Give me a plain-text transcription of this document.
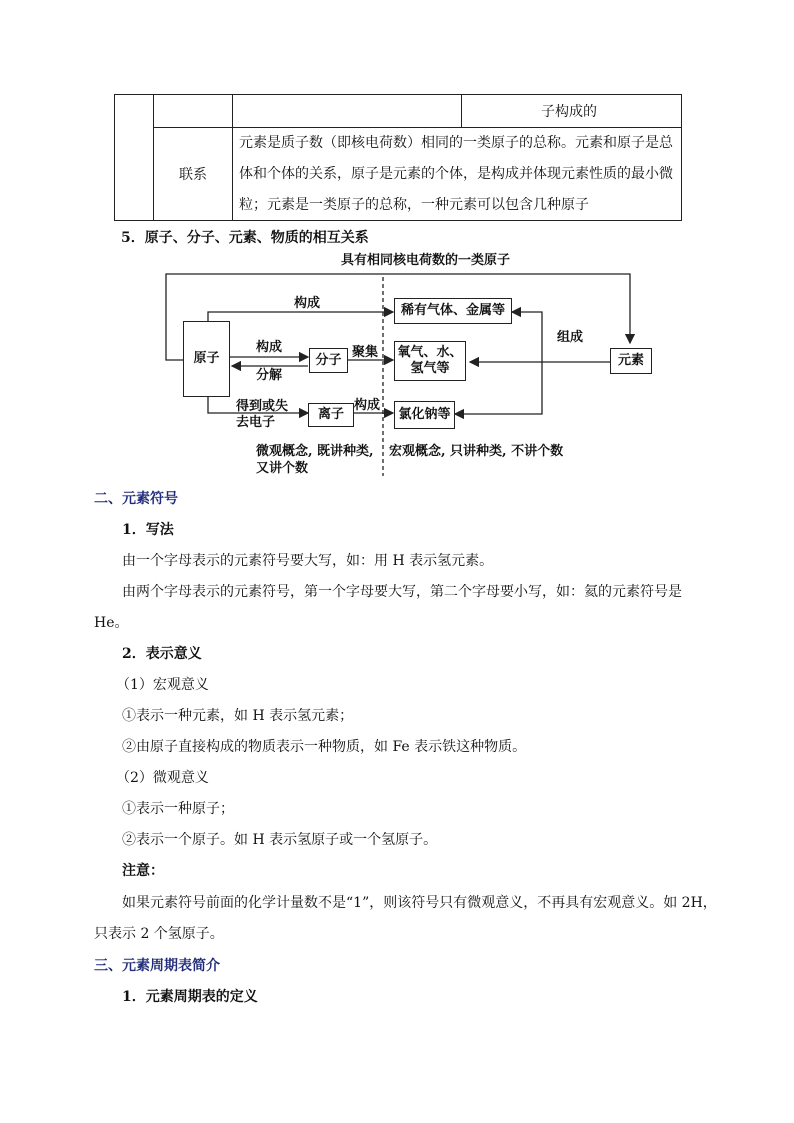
子构成的
联系
元素是质子数（即核电荷数）相同的一类原子的总称。元素和原子是总体和个体的关系，原子是元素的个体，是构成并体现元素性质的最小微粒；元素是一类原子的总称，一种元素可以包含几种原子
5．原子、分子、元素、物质的相互关系
具有相同核电荷数的一类原子
原子	分子
离子
元素
稀有气体、金属等
氧气、水、
氢气等
氯化钠等
构成
构成
分解
聚集
得到或失
去电子
构成
组成
微观概念, 既讲种类,
又讲个数
宏观概念, 只讲种类, 不讲个数
二、元素符号
1．写法
由一个字母表示的元素符号要大写，如：用 H 表示氢元素。
由两个字母表示的元素符号，第一个字母要大写，第二个字母要小写，如：氦的元素符号是
He。
2．表示意义
（1）宏观意义
①表示一种元素，如 H 表示氢元素；
②由原子直接构成的物质表示一种物质，如 Fe 表示铁这种物质。
（2）微观意义
①表示一种原子；
②表示一个原子。如 H 表示氢原子或一个氢原子。
注意：
如果元素符号前面的化学计量数不是“1”，则该符号只有微观意义，不再具有宏观意义。如 2H，
只表示 2 个氢原子。
三、元素周期表简介
1．元素周期表的定义
